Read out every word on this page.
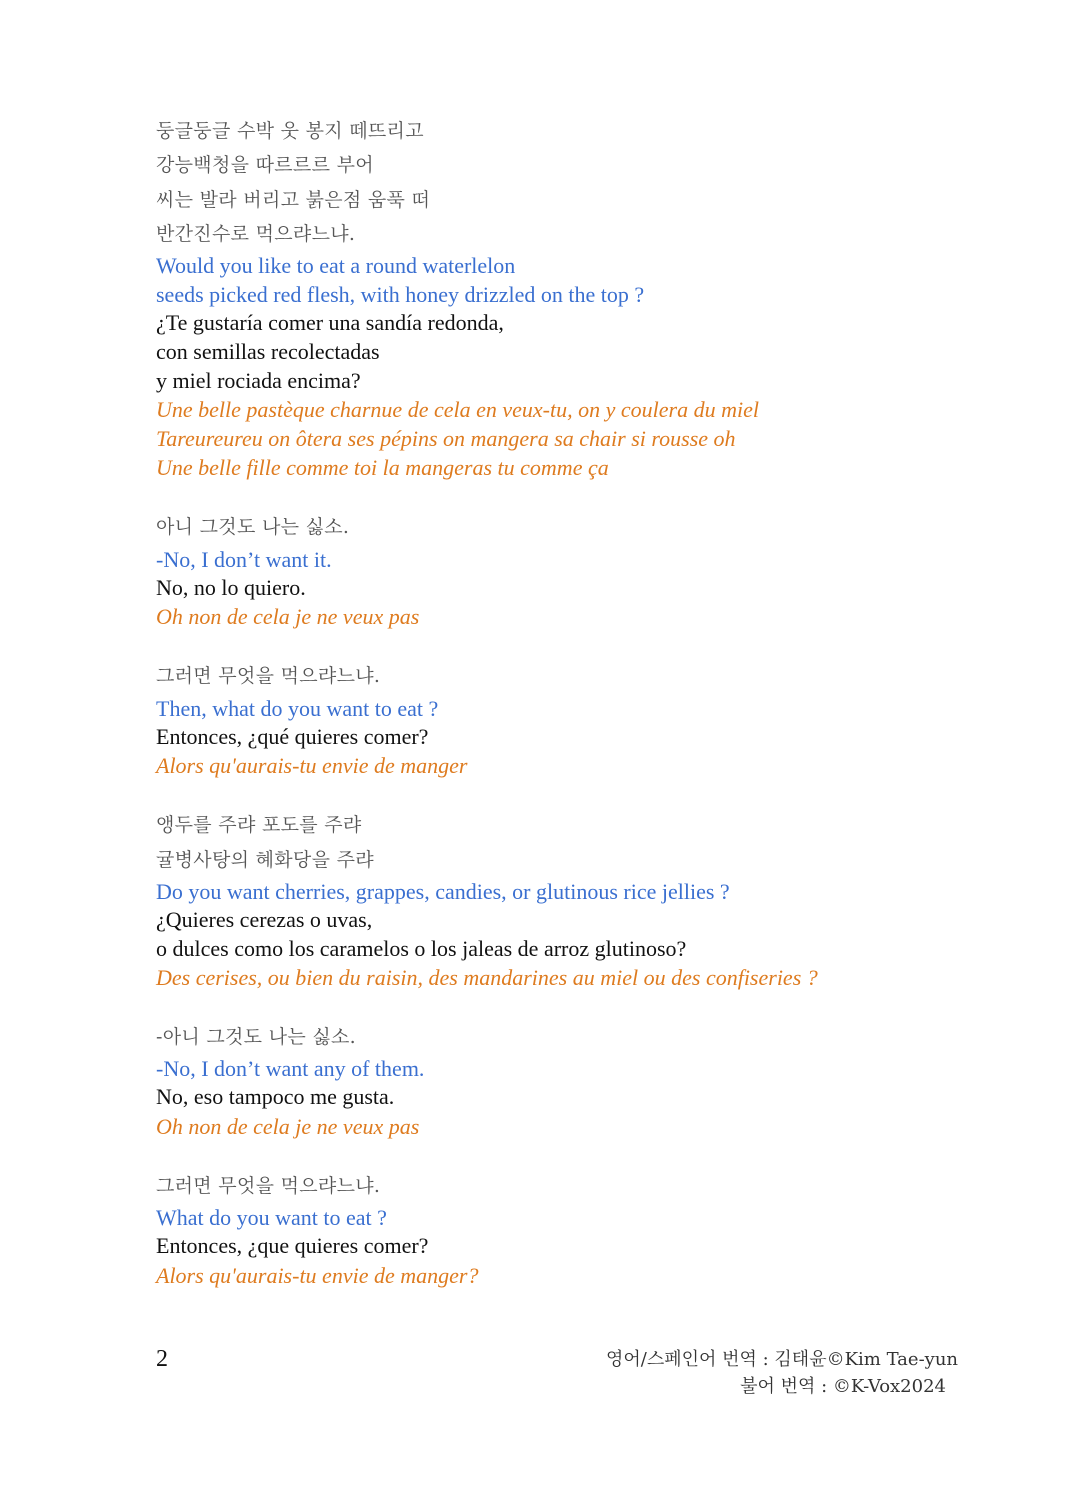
둥글둥글 수박 웃 봉지 떼뜨리고
강능백청을 따르르르 부어
씨는 발라 버리고 붉은점 움푹 떠
반간진수로 먹으랴느냐.
Would you like to eat a round waterlelon
seeds picked red flesh, with honey drizzled on the top ?
¿Te gustaría comer una sandía redonda,
con semillas recolectadas
y miel rociada encima?
Une belle pastèque charnue de cela en veux-tu, on y coulera du miel
Tareureureu on ôtera ses pépins on mangera sa chair si rousse oh
Une belle fille comme toi la mangeras tu comme ça
아니 그것도 나는 싫소.
-No, I don’t want it.
No, no lo quiero.
Oh non de cela je ne veux pas
그러면 무엇을 먹으랴느냐.
Then, what do you want to eat ?
Entonces, ¿qué quieres comer?
Alors qu'aurais-tu envie de manger
앵두를 주랴 포도를 주랴
귤병사탕의 혜화당을 주랴
Do you want cherries, grappes, candies, or glutinous rice jellies ?
¿Quieres cerezas o uvas,
o dulces como los caramelos o los jaleas de arroz glutinoso?
Des cerises, ou bien du raisin, des mandarines au miel ou des confiseries ?
-아니 그것도 나는 싫소.
-No, I don’t want any of them.
No, eso tampoco me gusta.
Oh non de cela je ne veux pas
그러면 무엇을 먹으랴느냐.
What do you want to eat ?
Entonces, ¿que quieres comer?
Alors qu'aurais-tu envie de manger?
2	영어/스페인어 번역 : 김태윤©Kim Tae-yun
불어 번역 : ©K-Vox2024
